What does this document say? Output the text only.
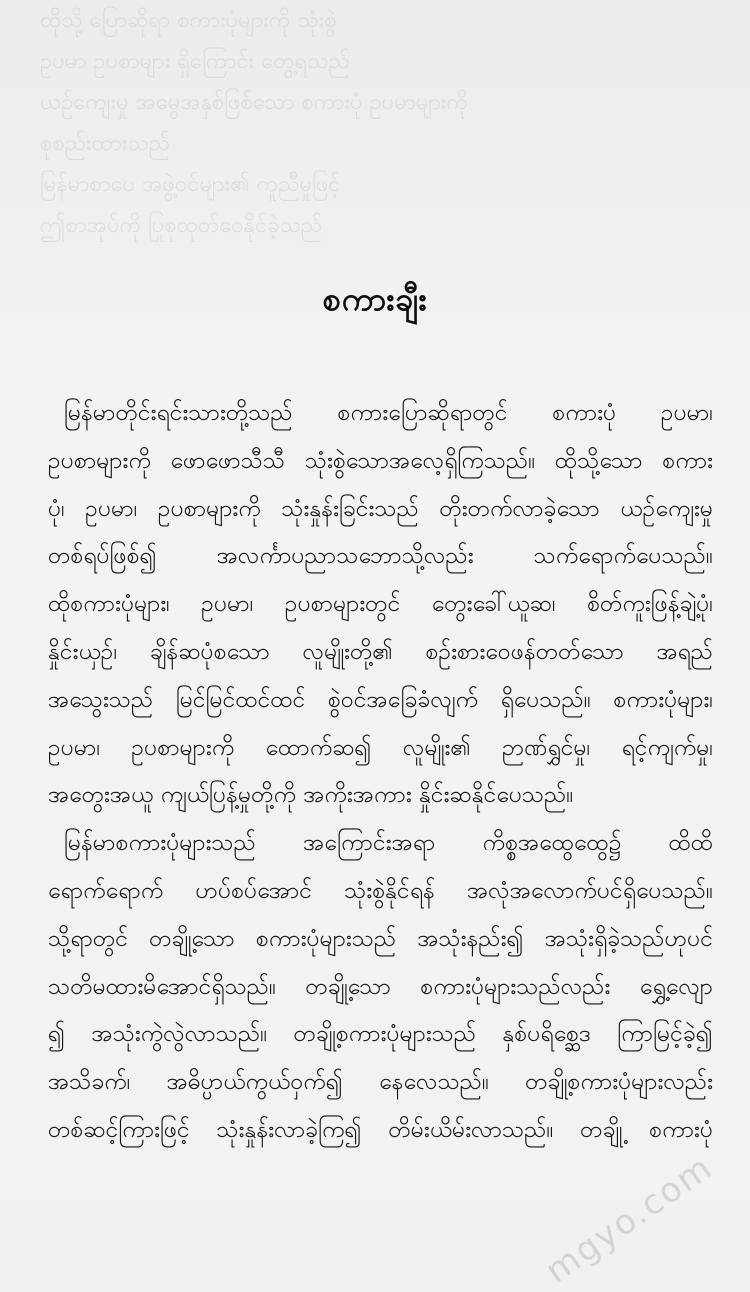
ထိုသို့ ပြောဆိုရာ စကားပုံများကို သုံးစွဲ
ဥပမာ ဥပစာများ ရှိကြောင်း တွေ့ရသည်
ယဉ်ကျေးမှု အမွေအနှစ်ဖြစ်သော စကားပုံ ဥပမာများကို
စုစည်းထားသည်
မြန်မာစာပေ အဖွဲ့ဝင်များ၏ ကူညီမှုဖြင့်
ဤစာအုပ်ကို ပြုစုထုတ်ဝေနိုင်ခဲ့သည်
စကားချီး
မြန်မာတိုင်းရင်းသားတို့သည် စကားပြောဆိုရာတွင် စကားပုံ ဥပမာ၊
ဥပစာများကို ဖောဖောသီသီ သုံးစွဲသောအလေ့ရှိကြသည်။ ထိုသို့သော စကား
ပုံ၊ ဥပမာ၊ ဥပစာများကို သုံးနှုန်းခြင်းသည် တိုးတက်လာခဲ့သော ယဉ်ကျေးမှု
တစ်ရပ်ဖြစ်၍ အလင်္ကာပညာသဘောသို့လည်း သက်ရောက်ပေသည်။
ထိုစကားပုံများ၊ ဥပမာ၊ ဥပစာများတွင် တွေးခေါ်ယူဆ၊ စိတ်ကူးဖြန့်ချဲ့ပုံ၊
နှိုင်းယှဉ်၊ ချိန်ဆပုံစသော လူမျိုးတို့၏ စဉ်းစားဝေဖန်တတ်သော အရည်
အသွေးသည် မြင်မြင်ထင်ထင် စွဲဝင်အခြေခံလျက် ရှိပေသည်။ စကားပုံများ၊
ဥပမာ၊ ဥပစာများကို ထောက်ဆ၍ လူမျိုး၏ ဉာဏ်ရွှင်မှု၊ ရင့်ကျက်မှု၊
အတွေးအယူ ကျယ်ပြန့်မှုတို့ကို အကိုးအကား နှိုင်းဆနိုင်ပေသည်။
မြန်မာစကားပုံများသည် အကြောင်းအရာ ကိစ္စအထွေထွေ၌ ထိထိ
ရောက်ရောက် ဟပ်စပ်အောင် သုံးစွဲနိုင်ရန် အလုံအလောက်ပင်ရှိပေသည်။
သို့ရာတွင် တချို့သော စကားပုံများသည် အသုံးနည်း၍ အသုံးရှိခဲ့သည်ဟုပင်
သတိမထားမိအောင်ရှိသည်။ တချို့သော စကားပုံများသည်လည်း ရွှေ့လျော
၍ အသုံးကွဲလွဲလာသည်။ တချို့စကားပုံများသည် နှစ်ပရိစ္ဆေဒ ကြာမြင့်ခဲ့၍
အသိခက်၊ အဓိပ္ပာယ်ကွယ်ဝှက်၍ နေလေသည်။ တချို့စကားပုံများလည်း
တစ်ဆင့်ကြားဖြင့် သုံးနှုန်းလာခဲ့ကြ၍ တိမ်းယိမ်းလာသည်။ တချို့ စကားပုံ
mgyo.com
